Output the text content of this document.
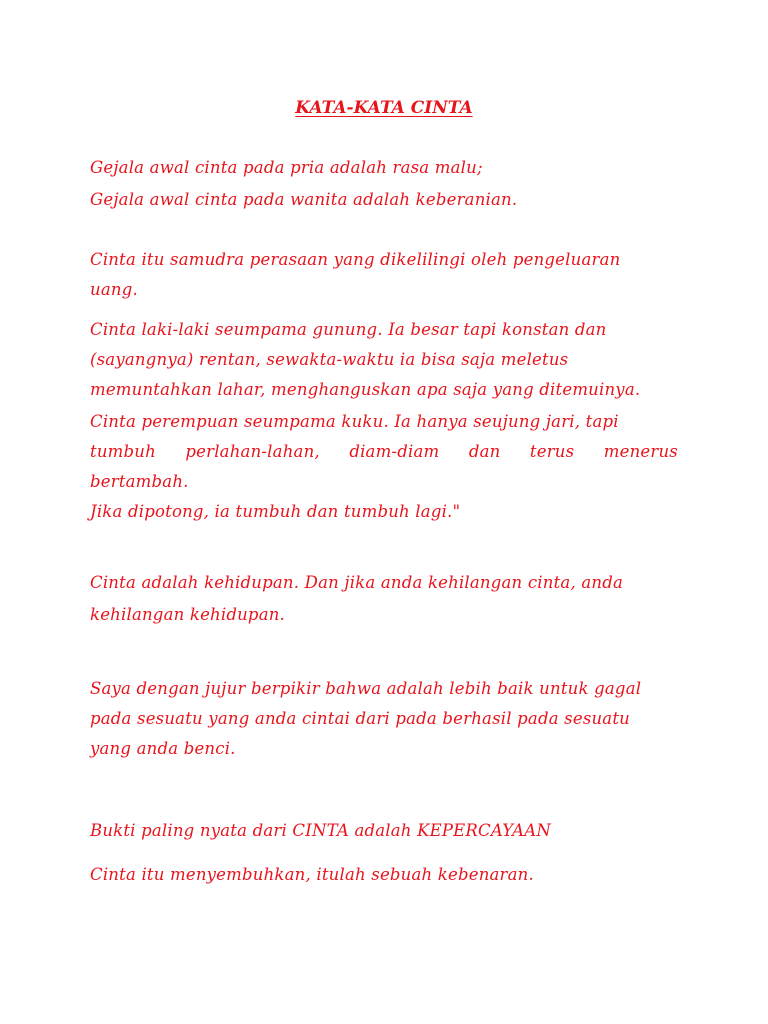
KATA-KATA CINTA

Gejala awal cinta pada pria adalah rasa malu;

Gejala awal cinta pada wanita adalah keberanian.

Cinta itu samudra perasaan yang dikelilingi oleh pengeluaran

uang.

Cinta laki-laki seumpama gunung. Ia besar tapi konstan dan

(sayangnya) rentan, sewakta-waktu ia bisa saja meletus

memuntahkan lahar, menghanguskan apa saja yang ditemuinya.

Cinta perempuan seumpama kuku. Ia hanya seujung jari, tapi

tumbuh perlahan-lahan, diam-diam dan terus menerus

bertambah.

Jika dipotong, ia tumbuh dan tumbuh lagi."

Cinta adalah kehidupan. Dan jika anda kehilangan cinta, anda

kehilangan kehidupan.

Saya dengan jujur berpikir bahwa adalah lebih baik untuk gagal

pada sesuatu yang anda cintai dari pada berhasil pada sesuatu

yang anda benci.

Bukti paling nyata dari CINTA adalah KEPERCAYAAN

Cinta itu menyembuhkan, itulah sebuah kebenaran.
